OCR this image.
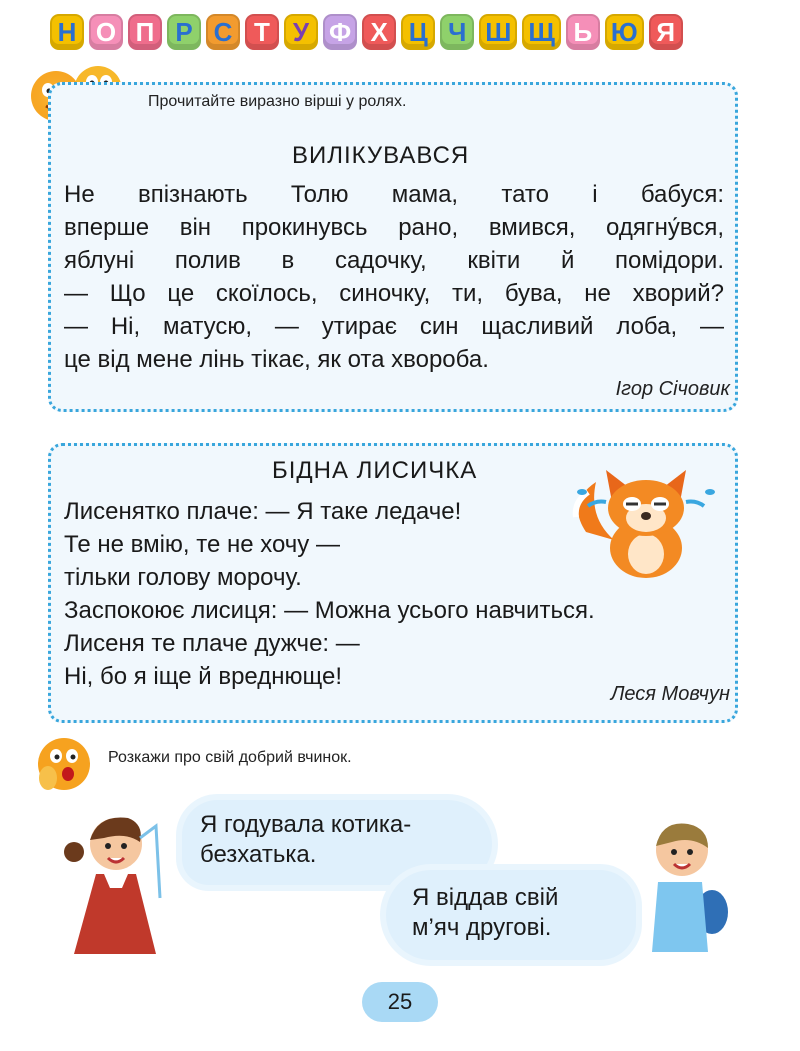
Н О П Р С Т У Ф Х Ц Ч Ш Щ Ь Ю Я
Прочитайте виразно вірші у ролях.
ВИЛІКУВАВСЯ
Не впізнають Толю мама, тато і бабуся:
вперше він прокинувсь рано, вмився, одягну́вся,
яблуні полив в садочку, квіти й помідори.
— Що це скоїлось, синочку, ти, бува, не хворий?
— Ні, матусю, — утирає син щасливий лоба, —
це від мене лінь тікає, як ота хвороба.
Ігор Січовик
БІДНА ЛИСИЧКА
Лисенятко плаче: — Я таке ледаче!
Те не вмію, те не хочу —
тільки голову морочу.
Заспокоює лисиця: — Можна усього навчиться.
Лисеня те плаче дужче: —
Ні, бо я іще й вреднюще!
Леся Мовчун
Розкажи про свій добрий вчинок.
Я годувала котика-
безхатька.
Я віддав свій
м’яч другові.
25
